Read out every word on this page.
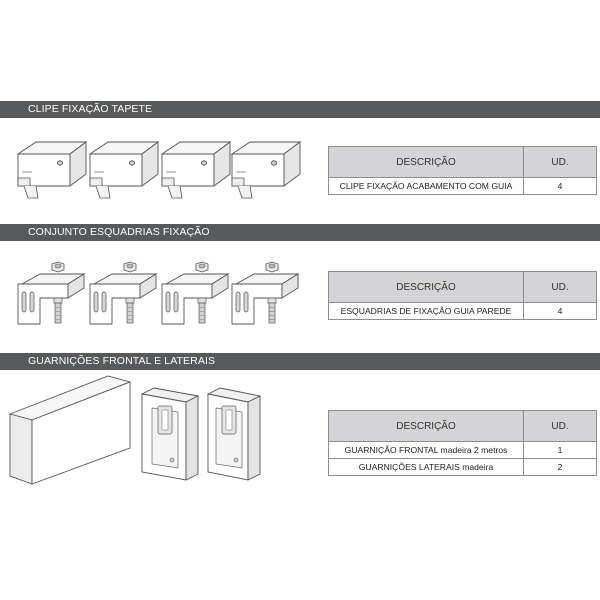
CLIPE FIXAÇÃO TAPETE
DESCRIÇÃO	UD.
CLIPE FIXAÇÃO ACABAMENTO COM GUIA	4
CONJUNTO ESQUADRIAS FIXAÇÃO
DESCRIÇÃO	UD.
ESQUADRIAS DE FIXAÇÃO GUIA PAREDE	4
GUARNIÇÕES FRONTAL E LATERAIS
DESCRIÇÃO	UD.
GUARNIÇÃO FRONTAL madeira 2 metros	1
GUARNIÇÕES LATERAIS madeira	2
